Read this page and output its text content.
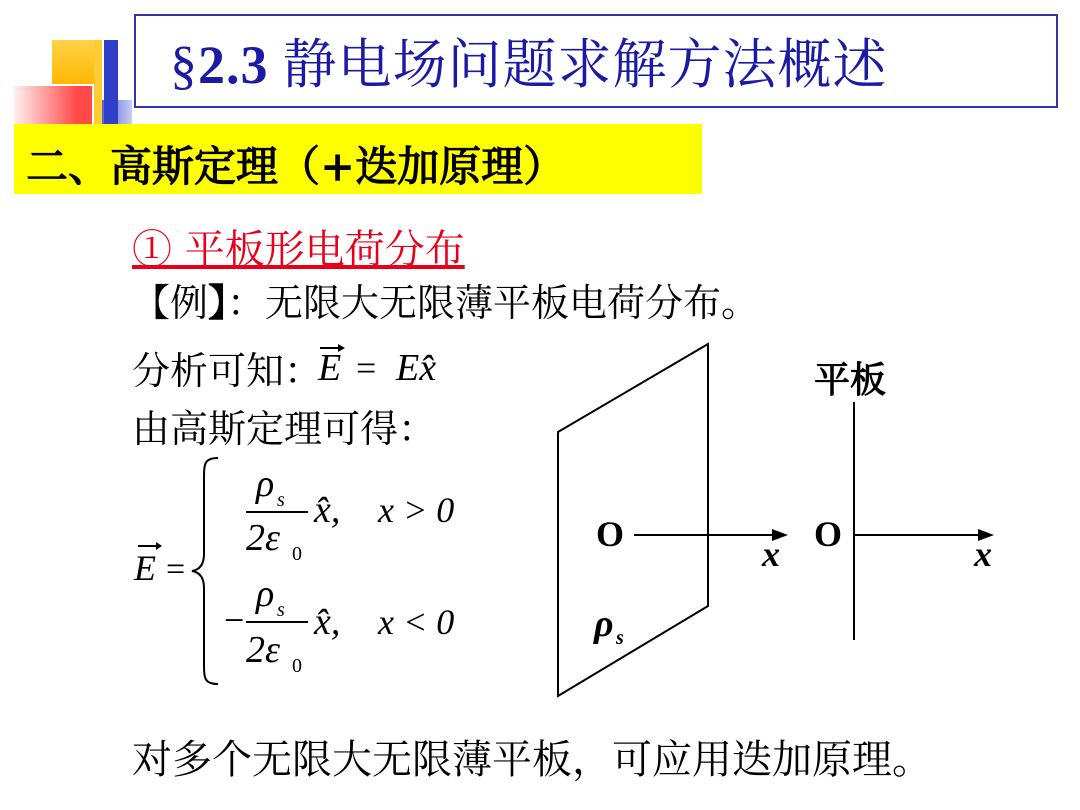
§2.3 静电场问题求解方法概述
二、高斯定理（+迭加原理）
① 平板形电荷分布
【例】：无限大无限薄平板电荷分布。
分析可知：
E = Ex̂
由高斯定理可得：
E =
ρ s
2ε 0
x̂, x > 0
−
ρ s
2ε 0
x̂, x < 0
O	x
ρ s
平板
O	x
对多个无限大无限薄平板，可应用迭加原理。
